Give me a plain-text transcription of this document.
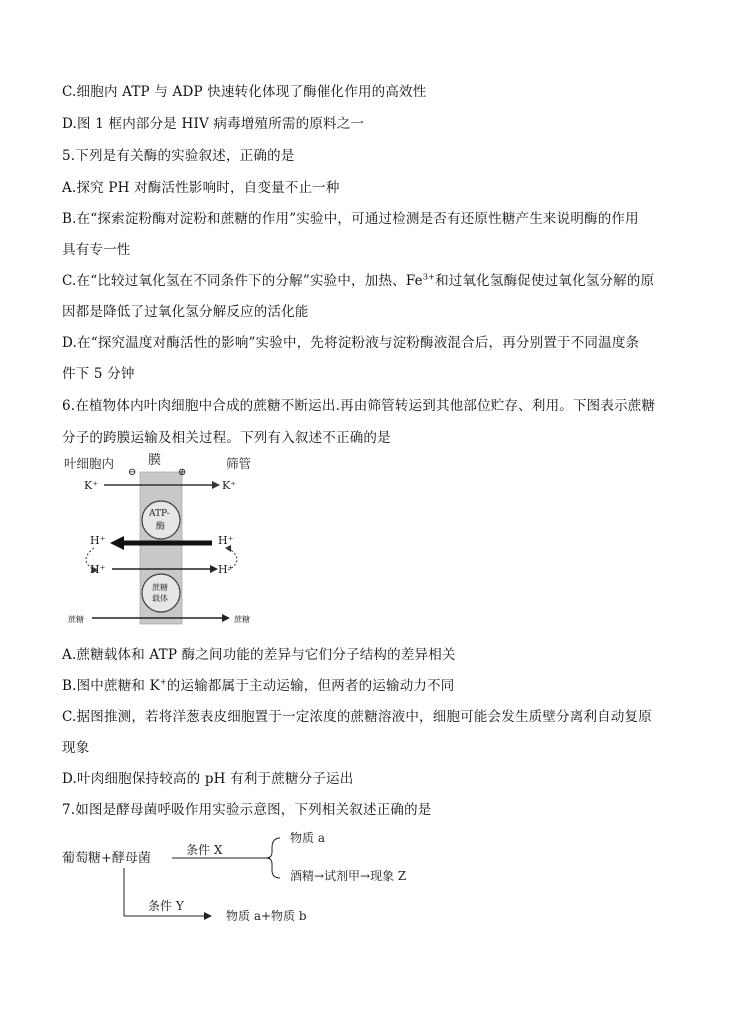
C.细胞内 ATP 与 ADP 快速转化体现了酶催化作用的高效性
D.图 1 框内部分是 HIV 病毒增殖所需的原料之一
5.下列是有关酶的实验叙述，正确的是
A.探究 PH 对酶活性影响时，自变量不止一种
B.在“探索淀粉酶对淀粉和蔗糖的作用”实验中，可通过检测是否有还原性糖产生来说明酶的作用
具有专一性
C.在“比较过氧化氢在不同条件下的分解”实验中，加热、$Fe^{3+}$和过氧化氢酶促使过氧化氢分解的原
因都是降低了过氧化氢分解反应的活化能
D.在“探究温度对酶活性的影响”实验中，先将淀粉液与淀粉酶液混合后，再分别置于不同温度条
件下 5 分钟
6.在植物体内叶肉细胞中合成的蔗糖不断运出.再由筛管转运到其他部位贮存、利用。下图表示蔗糖
分子的跨膜运输及相关过程。下列有入叙述不正确的是
叶细胞内	膜	筛管
⊖	⊕
K⁺	K⁺
ATP-
酶
H⁺	H⁺
H⁺	H⁺
蔗糖
载体
蔗糖	蔗糖
A.蔗糖载体和 ATP 酶之间功能的差异与它们分子结构的差异相关
B.图中蔗糖和 K+的运输都属于主动运输，但两者的运输动力不同
C.据图推测，若将洋葱表皮细胞置于一定浓度的蔗糖溶液中，细胞可能会发生质壁分离利自动复原
现象
D.叶肉细胞保持较高的 pH 有利于蔗糖分子运出
7.如图是酵母菌呼吸作用实验示意图，下列相关叙述正确的是
葡萄糖+酵母菌
条件 X
物质 a
酒精→试剂甲→现象 Z
条件 Y
物质 a+物质 b
